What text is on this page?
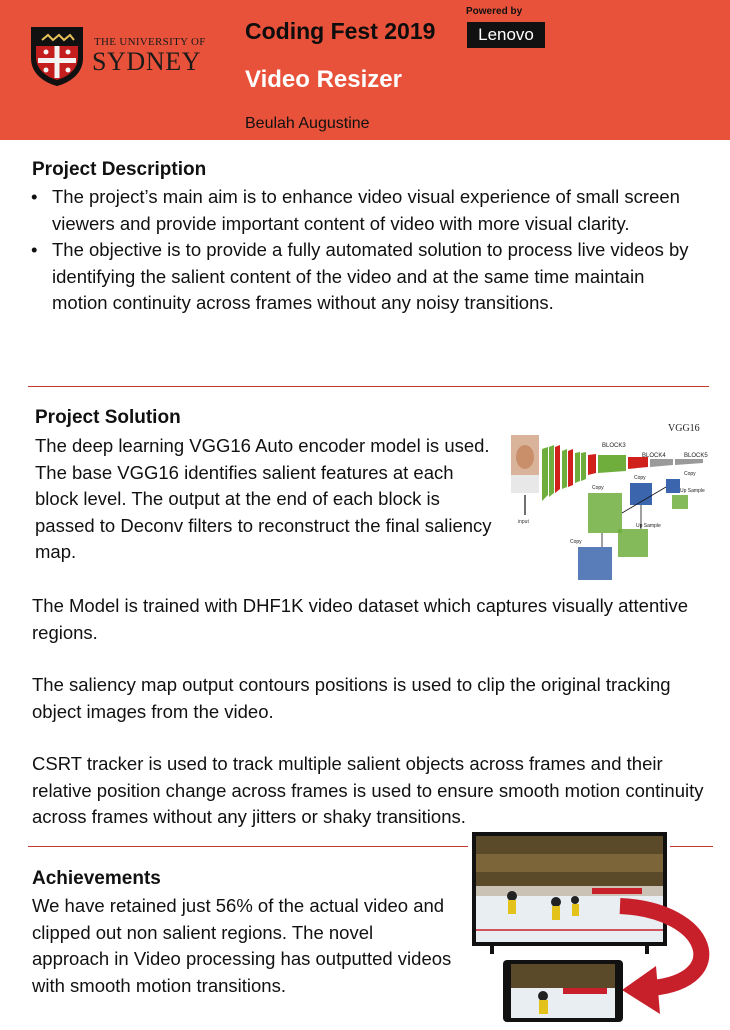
THE UNIVERSITY OF
SYDNEY
Coding Fest 2019
Powered by
Lenovo
Video Resizer
Beulah Augustine
Project Description
• The project’s main aim is to enhance video visual experience of small screen viewers and provide important content of video with more visual clarity.
• The objective is to provide a fully automated solution to process live videos by identifying the salient content of the video and at the same time maintain motion continuity across frames without any noisy transitions.
Project Solution

The deep learning VGG16 Auto encoder model is used. The base VGG16 identifies salient features at each block level. The output at the end of each block is passed to Deconv filters to reconstruct the final saliency map.

VGG16
input
BLOCK3
BLOCK4	BLOCK5
Copy
Copy
Copy
Up Sample
Up Sample
Copy

The Model is trained with DHF1K video dataset which captures visually attentive regions.

The saliency map output contours positions is used to clip the original tracking object images from the video.

CSRT tracker is used to track multiple salient objects across frames and their relative position change across frames is used to ensure smooth motion continuity across frames without any jitters or shaky transitions.

Achievements

We have retained just 56% of the actual video and clipped out non salient regions. The novel approach in Video processing has outputted videos with smooth motion transitions.
